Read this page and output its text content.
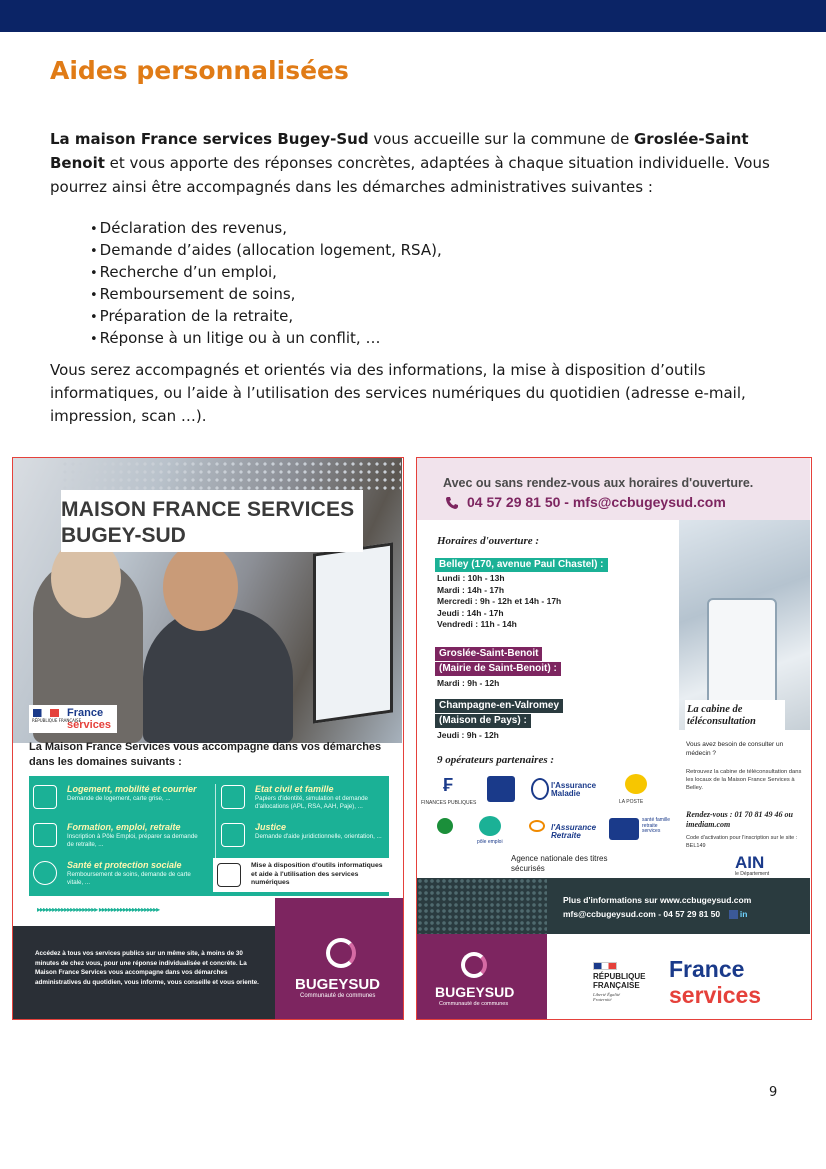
Aides personnalisées

La maison France services Bugey-Sud vous accueille sur la commune de Groslée-Saint Benoit et vous apporte des réponses concrètes, adaptées à chaque situation individuelle. Vous pourrez ainsi être accompagnés dans les démarches administratives suivantes :

• Déclaration des revenus,
• Demande d’aides (allocation logement, RSA),
• Recherche d’un emploi,
• Remboursement de soins,
• Préparation de la retraite,
• Réponse à un litige ou à un conflit, …

Vous serez accompagnés et orientés via des informations, la mise à disposition d’outils informatiques, ou l’aide à l’utilisation des services numériques du quotidien (adresse e-mail, impression, scan …).

MAISON FRANCE SERVICES
BUGEY-SUD
RÉPUBLIQUE FRANÇAISE
France
services
La Maison France Services vous accompagne dans vos démarches dans les domaines suivants :
Logement, mobilité et courrier
Demande de logement, carte grise, ...
Formation, emploi, retraite
Inscription à Pôle Emploi, préparer sa demande de retraite, ...
Santé et protection sociale
Remboursement de soins, demande de carte vitale, ...
Etat civil et famille
Papiers d'identité, simulation et demande d'allocations (APL, RSA, AAH, Paje), ...
Justice
Demande d'aide juridictionnelle, orientation, ...
Mise à disposition d'outils informatiques et aide à l'utilisation des services numériques
▸▸▸▸▸▸▸▸▸▸▸▸▸▸▸▸▸▸▸▸ ▸▸▸▸▸▸▸▸▸▸▸▸▸▸▸▸▸▸▸▸
Accédez à tous vos services publics sur un même site, à moins de 30 minutes de chez vous, pour une réponse individualisée et concrète. La Maison France Services vous accompagne dans vos démarches administratives du quotidien, vous informe, vous conseille et vous oriente.	BUGEYSUD
Communauté de communes
Avec ou sans rendez-vous aux horaires d'ouverture.
04 57 29 81 50 - mfs@ccbugeysud.com
Horaires d'ouverture :
Belley (170, avenue Paul Chastel) :
Lundi : 10h - 13h
Mardi : 14h - 17h
Mercredi : 9h - 12h et 14h - 17h
Jeudi : 14h - 17h
Vendredi : 11h - 14h
Groslée-Saint-Benoit
(Mairie de Saint-Benoit) :
Mardi : 9h - 12h
Champagne-en-Valromey
(Maison de Pays) :
Jeudi : 9h - 12h
La cabine de téléconsultation
Vous avez besoin de consulter un médecin ?
Retrouvez la cabine de téléconsultation dans les locaux de la Maison France Services à Belley.
Rendez-vous : 01 70 81 49 46 ou imediam.com
Code d'activation pour l'inscription sur le site : BEL149
AIN
le Département
9 opérateurs partenaires :
₣
FINANCES PUBLIQUES
l'Assurance Maladie
LA POSTE
pôle emploi
l'Assurance Retraite
santé famille retraite services
Agence nationale des titres sécurisés
Plus d'informations sur www.ccbugeysud.com
mfs@ccbugeysud.com - 04 57 29 81 50 in
BUGEYSUD
Communauté de communes
RÉPUBLIQUE FRANÇAISE
Liberté Égalité Fraternité
France
services
9
